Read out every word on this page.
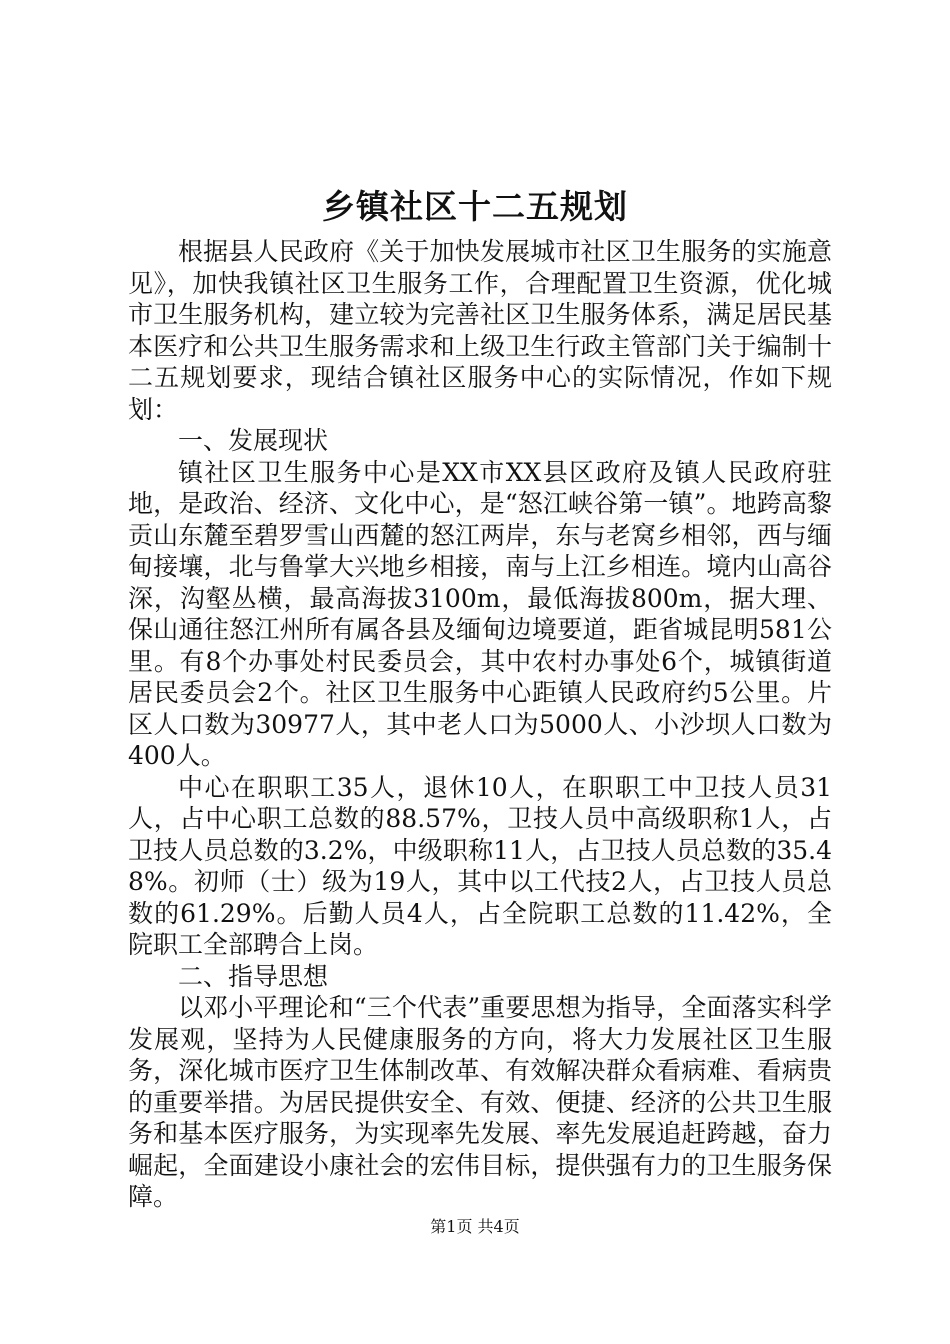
乡镇社区十二五规划

根据县人民政府《关于加快发展城市社区卫生服务的实施意见》，加快我镇社区卫生服务工作，合理配置卫生资源，优化城市卫生服务机构，建立较为完善社区卫生服务体系，满足居民基本医疗和公共卫生服务需求和上级卫生行政主管部门关于编制十二五规划要求，现结合镇社区服务中心的实际情况，作如下规划：

一、发展现状

镇社区卫生服务中心是XX市XX县区政府及镇人民政府驻地，是政治、经济、文化中心，是“怒江峡谷第一镇”。地跨高黎贡山东麓至碧罗雪山西麓的怒江两岸，东与老窝乡相邻，西与缅甸接壤，北与鲁掌大兴地乡相接，南与上江乡相连。境内山高谷深，沟壑丛横，最高海拔3100m，最低海拔800m，据大理、保山通往怒江州所有属各县及缅甸边境要道，距省城昆明581公里。有8个办事处村民委员会，其中农村办事处6个，城镇街道居民委员会2个。社区卫生服务中心距镇人民政府约5公里。片区人口数为30977人，其中老人口为5000人、小沙坝人口数为400人。

中心在职职工35人，退休10人，在职职工中卫技人员31人，占中心职工总数的88.57%，卫技人员中高级职称1人，占卫技人员总数的3.2%，中级职称11人，占卫技人员总数的35.48%。初师（士）级为19人，其中以工代技2人，占卫技人员总数的61.29%。后勤人员4人，占全院职工总数的11.42%，全院职工全部聘合上岗。

二、指导思想

以邓小平理论和“三个代表”重要思想为指导，全面落实科学发展观，坚持为人民健康服务的方向，将大力发展社区卫生服务，深化城市医疗卫生体制改革、有效解决群众看病难、看病贵的重要举措。为居民提供安全、有效、便捷、经济的公共卫生服务和基本医疗服务，为实现率先发展、率先发展追赶跨越，奋力崛起，全面建设小康社会的宏伟目标，提供强有力的卫生服务保障。

第1页 共4页
